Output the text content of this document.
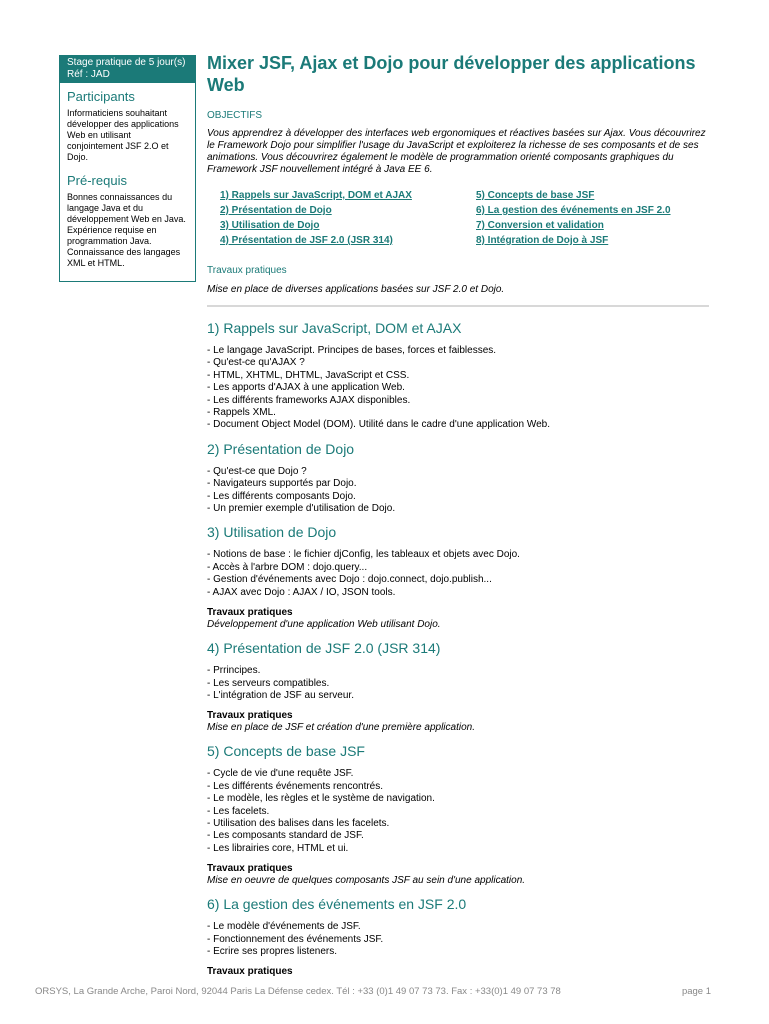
Stage pratique de 5 jour(s)
Réf : JAD
Participants
Informaticiens souhaitant développer des applications Web en utilisant conjointement JSF 2.O et Dojo.
Pré-requis
Bonnes connaissances du langage Java et du développement Web en Java. Expérience requise en programmation Java. Connaissance des langages XML et HTML.
Mixer JSF, Ajax et Dojo pour développer des applications Web
OBJECTIFS
Vous apprendrez à développer des interfaces web ergonomiques et réactives basées sur Ajax. Vous découvrirez le Framework Dojo pour simplifier l'usage du JavaScript et exploiterez la richesse de ses composants et de ses animations. Vous découvrirez également le modèle de programmation orienté composants graphiques du Framework JSF nouvellement intégré à Java EE 6.
1) Rappels sur JavaScript, DOM et AJAX
2) Présentation de Dojo
3) Utilisation de Dojo
4) Présentation de JSF 2.0 (JSR 314)
5) Concepts de base JSF
6) La gestion des événements en JSF 2.0
7) Conversion et validation
8) Intégration de Dojo à JSF
Travaux pratiques
Mise en place de diverses applications basées sur JSF 2.0 et Dojo.
1) Rappels sur JavaScript, DOM et AJAX
- Le langage JavaScript. Principes de bases, forces et faiblesses.
- Qu'est-ce qu'AJAX ?
- HTML, XHTML, DHTML, JavaScript et CSS.
- Les apports d'AJAX à une application Web.
- Les différents frameworks AJAX disponibles.
- Rappels XML.
- Document Object Model (DOM). Utilité dans le cadre d'une application Web.
2) Présentation de Dojo
- Qu'est-ce que Dojo ?
- Navigateurs supportés par Dojo.
- Les différents composants Dojo.
- Un premier exemple d'utilisation de Dojo.
3) Utilisation de Dojo
- Notions de base : le fichier djConfig, les tableaux et objets avec Dojo.
- Accès à l'arbre DOM : dojo.query...
- Gestion d'événements avec Dojo : dojo.connect, dojo.publish...
- AJAX avec Dojo : AJAX / IO, JSON tools.
Travaux pratiques
Développement d'une application Web utilisant Dojo.
4) Présentation de JSF 2.0 (JSR 314)
- Prrincipes.
- Les serveurs compatibles.
- L'intégration de JSF au serveur.
Travaux pratiques
Mise en place de JSF et création d'une première application.
5) Concepts de base JSF
- Cycle de vie d'une requête JSF.
- Les différents événements rencontrés.
- Le modèle, les règles et le système de navigation.
- Les facelets.
- Utilisation des balises dans les facelets.
- Les composants standard de JSF.
- Les librairies core, HTML et ui.
Travaux pratiques
Mise en oeuvre de quelques composants JSF au sein d'une application.
6) La gestion des événements en JSF 2.0
- Le modèle d'événements de JSF.
- Fonctionnement des événements JSF.
- Ecrire ses propres listeners.
Travaux pratiques
ORSYS, La Grande Arche, Paroi Nord, 92044 Paris La Défense cedex. Tél : +33 (0)1 49 07 73 73. Fax : +33(0)1 49 07 73 78	page 1
